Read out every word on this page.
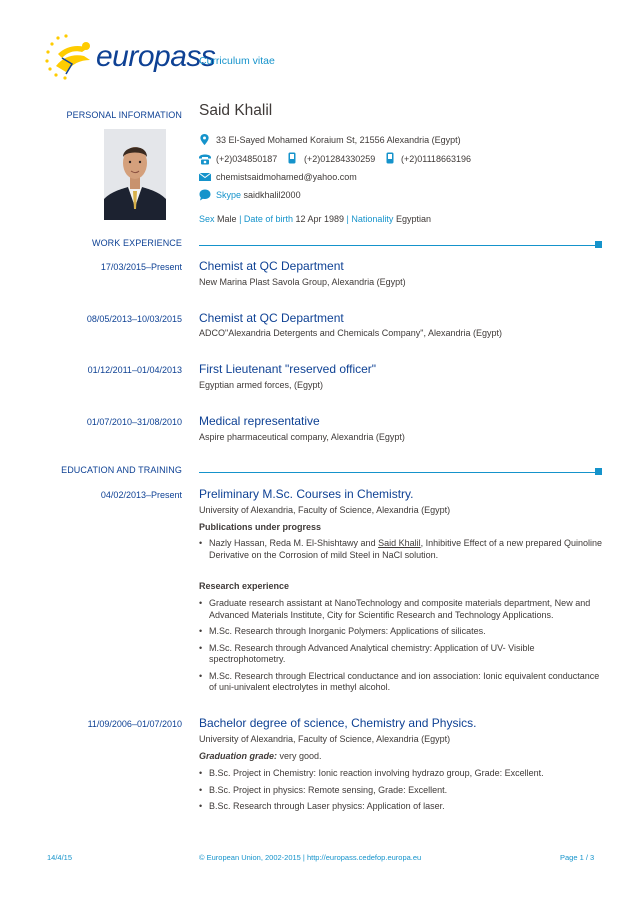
europass
Curriculum vitae
PERSONAL INFORMATION Said Khalil
33 El-Sayed Mohamed Koraium St, 21556 Alexandria (Egypt)
(+2)034850187	(+2)01284330259	(+2)01118663196
chemistsaidmohamed@yahoo.com
Skype saidkhalil2000
Sex Male | Date of birth 12 Apr 1989 | Nationality Egyptian
WORK EXPERIENCE
17/03/2015–Present Chemist at QC Department
New Marina Plast Savola Group, Alexandria (Egypt)
08/05/2013–10/03/2015 Chemist at QC Department
ADCO"Alexandria Detergents and Chemicals Company", Alexandria (Egypt)
01/12/2011–01/04/2013 First Lieutenant "reserved officer"
Egyptian armed forces, (Egypt)
01/07/2010–31/08/2010 Medical representative
Aspire pharmaceutical company, Alexandria (Egypt)
EDUCATION AND TRAINING
04/02/2013–Present Preliminary M.Sc. Courses in Chemistry.
University of Alexandria, Faculty of Science, Alexandria (Egypt)
Publications under progress
• Nazly Hassan, Reda M. El-Shishtawy and Said Khalil, Inhibitive Effect of a new prepared Quinoline Derivative on the Corrosion of mild Steel in NaCl solution.
Research experience
• Graduate research assistant at NanoTechnology and composite materials department, New and Advanced Materials Institute, City for Scientific Research and Technology Applications.
• M.Sc. Research through Inorganic Polymers: Applications of silicates.
• M.Sc. Research through Advanced Analytical chemistry: Application of UV- Visible spectrophotometry.
• M.Sc. Research through Electrical conductance and ion association: Ionic equivalent conductance of uni-univalent electrolytes in methyl alcohol.
11/09/2006–01/07/2010 Bachelor degree of science, Chemistry and Physics.
University of Alexandria, Faculty of Science, Alexandria (Egypt)
Graduation grade: very good.
• B.Sc. Project in Chemistry: Ionic reaction involving hydrazo group, Grade: Excellent.
• B.Sc. Project in physics: Remote sensing, Grade: Excellent.
• B.Sc. Research through Laser physics: Application of laser.
14/4/15	© European Union, 2002-2015 | http://europass.cedefop.europa.eu	Page 1 / 3
